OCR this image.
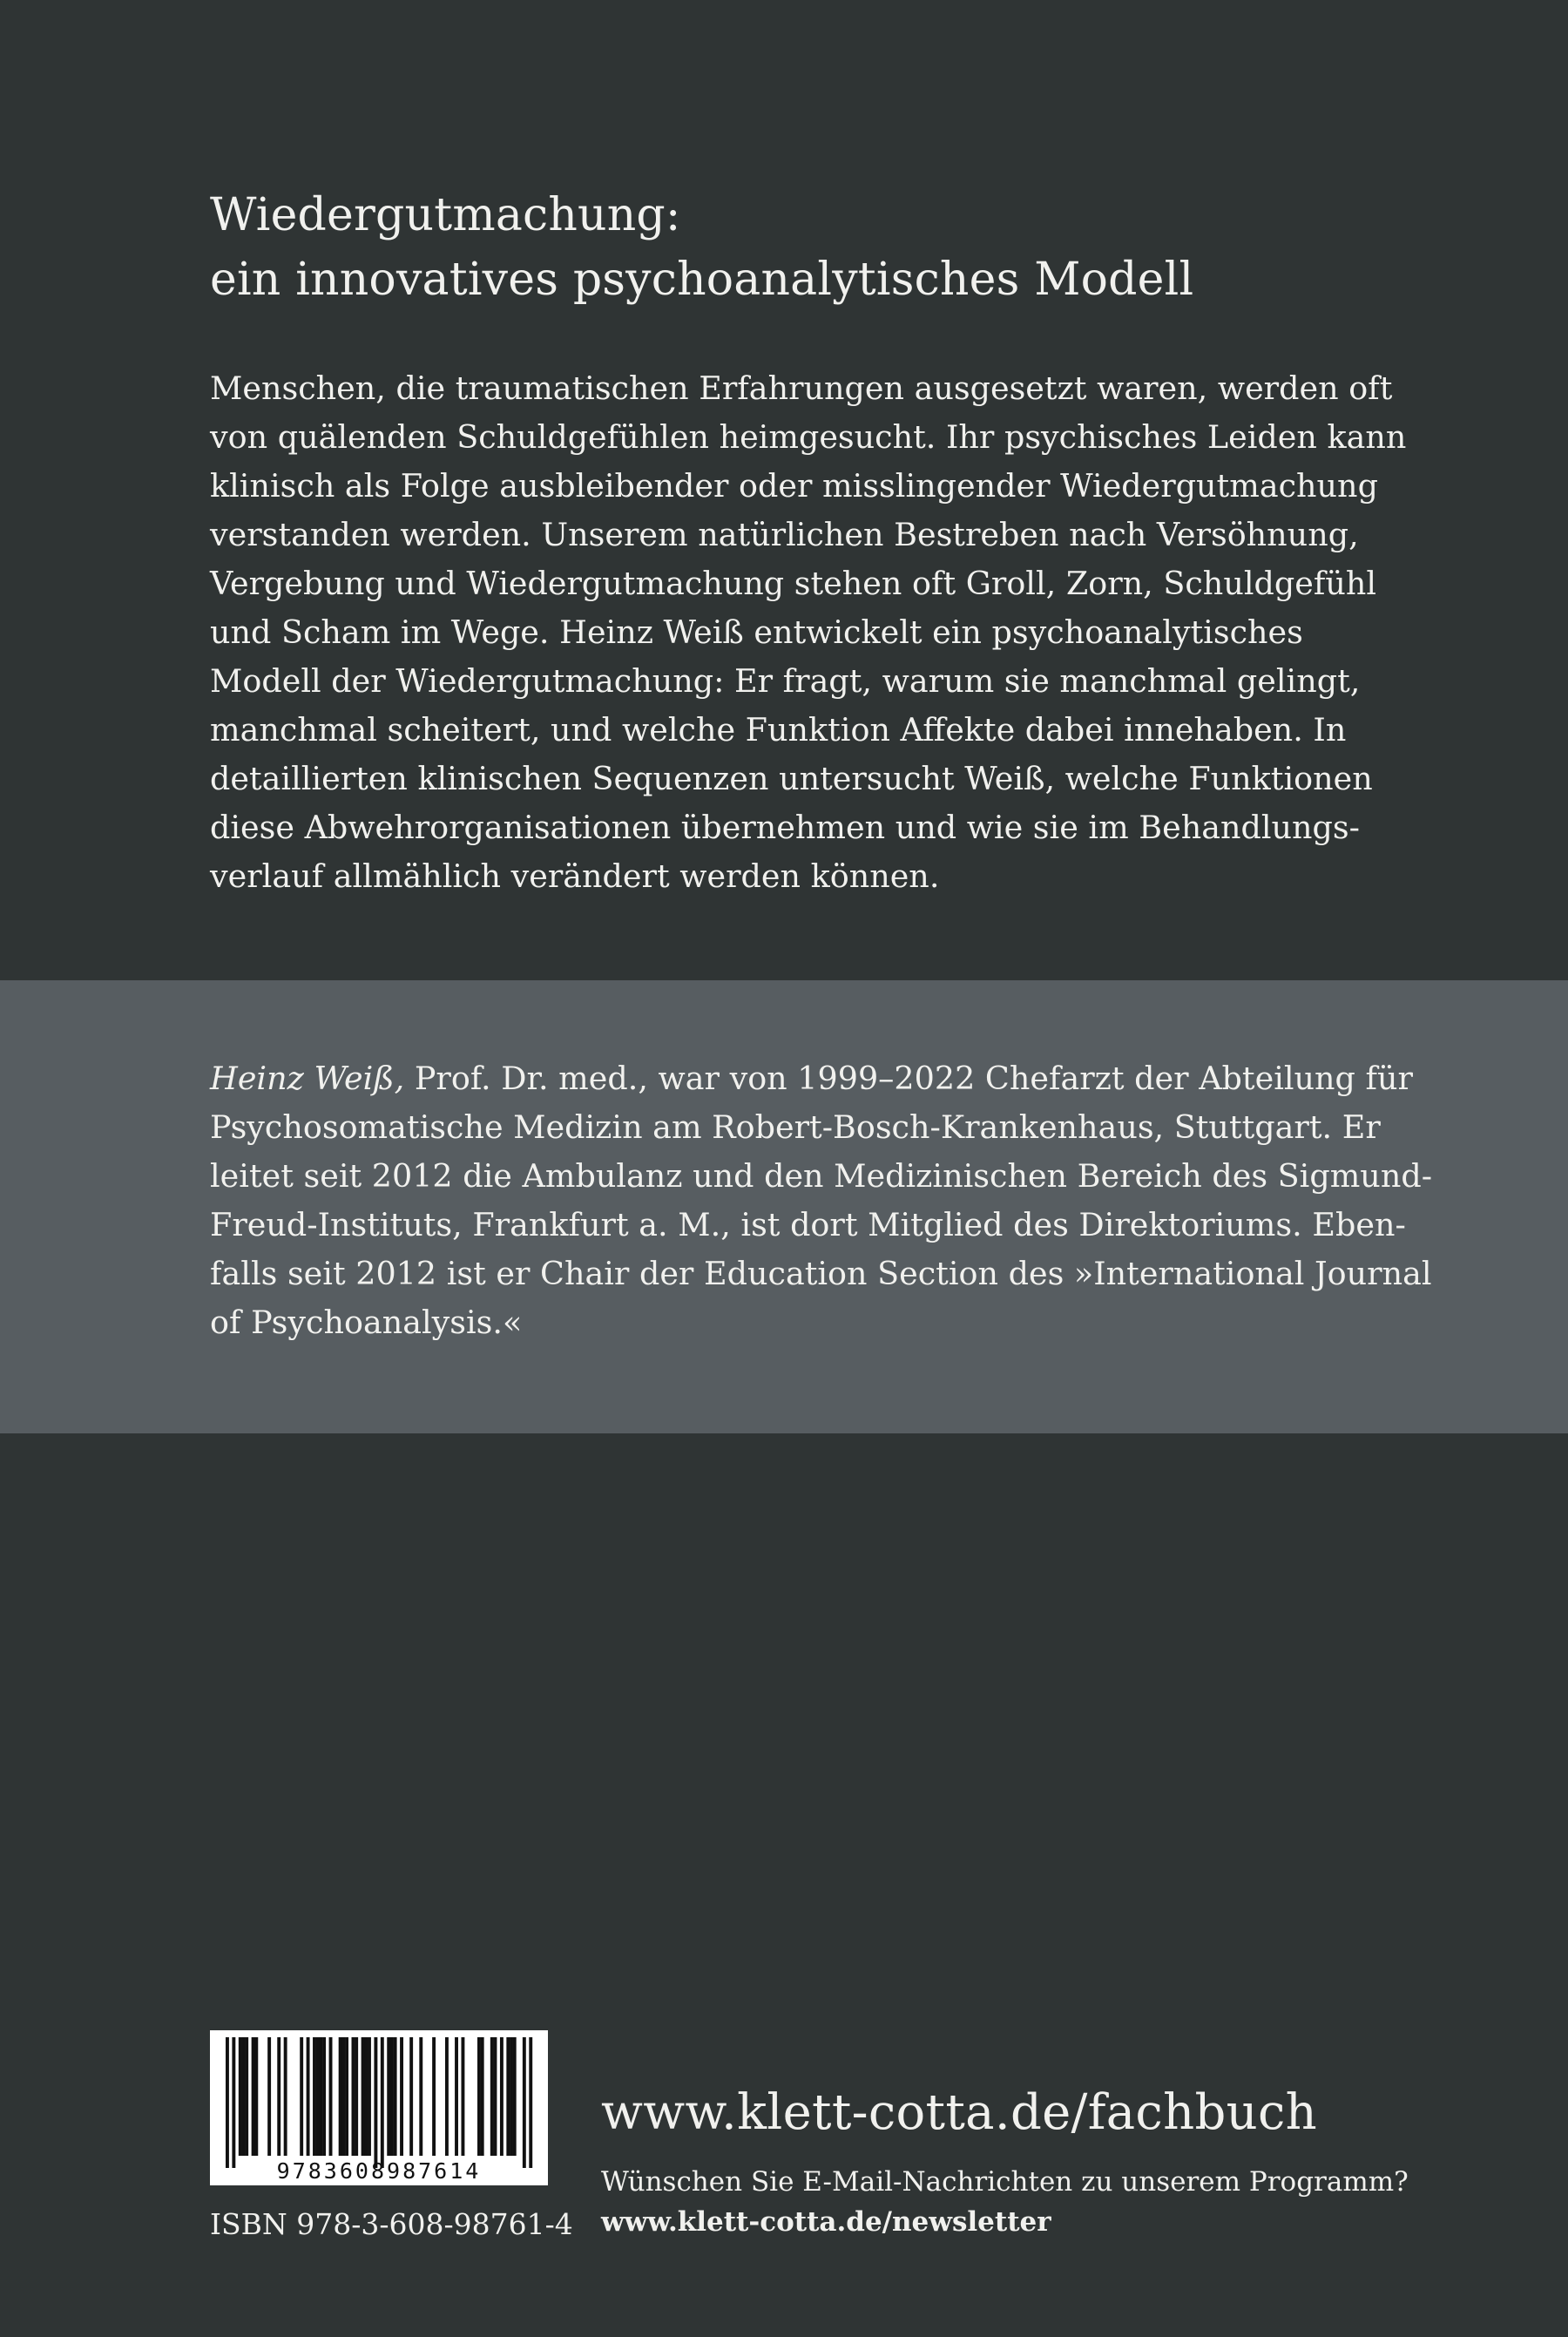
Wiedergutmachung:
ein innovatives psychoanalytisches Modell
Menschen, die traumatischen Erfahrungen ausgesetzt waren, werden oft
von quälenden Schuldgefühlen heimgesucht. Ihr psychisches Leiden kann
klinisch als Folge ausbleibender oder misslingender Wiedergutmachung
verstanden werden. Unserem natürlichen Bestreben nach Versöhnung,
Vergebung und Wiedergutmachung stehen oft Groll, Zorn, Schuldgefühl
und Scham im Wege. Heinz Weiß entwickelt ein psychoanalytisches
Modell der Wiedergutmachung: Er fragt, warum sie manchmal gelingt,
manchmal scheitert, und welche Funktion Affekte dabei innehaben. In
detaillierten klinischen Sequenzen untersucht Weiß, welche Funktionen
diese Abwehrorganisationen übernehmen und wie sie im Behandlungs-
verlauf allmählich verändert werden können.
Heinz Weiß, Prof. Dr. med., war von 1999–2022 Chefarzt der Abteilung für
Psychosomatische Medizin am Robert-Bosch-Krankenhaus, Stuttgart. Er
leitet seit 2012 die Ambulanz und den Medizinischen Bereich des Sigmund-
Freud-Instituts, Frankfurt a. M., ist dort Mitglied des Direktoriums. Eben-
falls seit 2012 ist er Chair der Education Section des »International Journal
of Psychoanalysis.«
9783608987614
ISBN 978-3-608-98761-4
www.klett-cotta.de/fachbuch
Wünschen Sie E-Mail-Nachrichten zu unserem Programm?
www.klett-cotta.de/newsletter
